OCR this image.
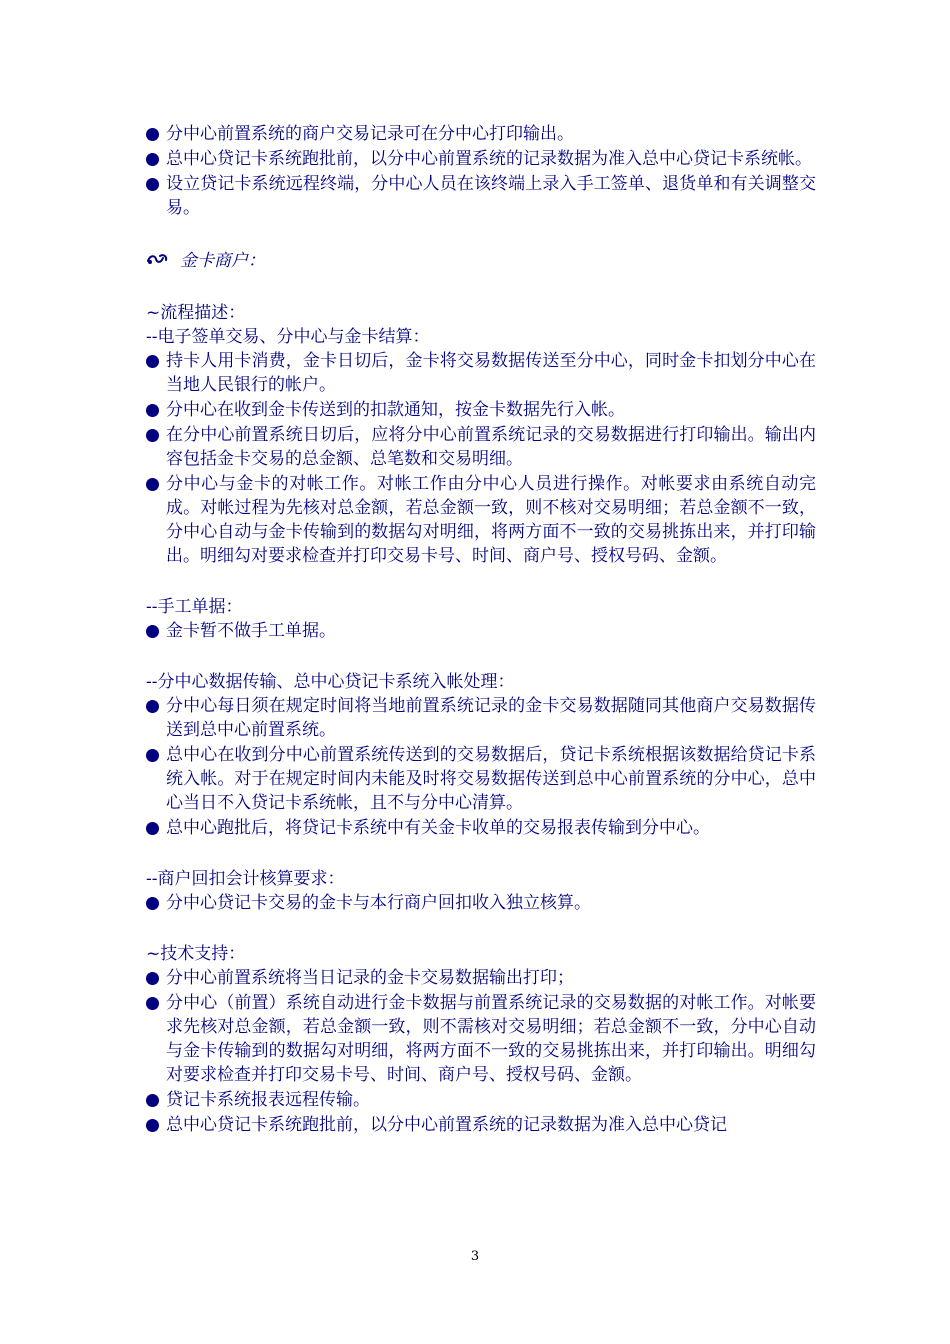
分中心前置系统的商户交易记录可在分中心打印输出。
总中心贷记卡系统跑批前，以分中心前置系统的记录数据为准入总中心贷记卡系统帐。
设立贷记卡系统远程终端，分中心人员在该终端上录入手工签单、退货单和有关调整交易。
金卡商户：
~流程描述：
--电子签单交易、分中心与金卡结算：
持卡人用卡消费，金卡日切后，金卡将交易数据传送至分中心，同时金卡扣划分中心在当地人民银行的帐户。
分中心在收到金卡传送到的扣款通知，按金卡数据先行入帐。
在分中心前置系统日切后，应将分中心前置系统记录的交易数据进行打印输出。输出内容包括金卡交易的总金额、总笔数和交易明细。
分中心与金卡的对帐工作。对帐工作由分中心人员进行操作。对帐要求由系统自动完成。对帐过程为先核对总金额，若总金额一致，则不核对交易明细；若总金额不一致，分中心自动与金卡传输到的数据勾对明细，将两方面不一致的交易挑拣出来，并打印输出。明细勾对要求检查并打印交易卡号、时间、商户号、授权号码、金额。
--手工单据：
金卡暂不做手工单据。
--分中心数据传输、总中心贷记卡系统入帐处理：
分中心每日须在规定时间将当地前置系统记录的金卡交易数据随同其他商户交易数据传送到总中心前置系统。
总中心在收到分中心前置系统传送到的交易数据后，贷记卡系统根据该数据给贷记卡系统入帐。对于在规定时间内未能及时将交易数据传送到总中心前置系统的分中心，总中心当日不入贷记卡系统帐，且不与分中心清算。
总中心跑批后，将贷记卡系统中有关金卡收单的交易报表传输到分中心。
--商户回扣会计核算要求：
分中心贷记卡交易的金卡与本行商户回扣收入独立核算。
~技术支持：
分中心前置系统将当日记录的金卡交易数据输出打印；
分中心（前置）系统自动进行金卡数据与前置系统记录的交易数据的对帐工作。对帐要求先核对总金额，若总金额一致，则不需核对交易明细；若总金额不一致，分中心自动与金卡传输到的数据勾对明细，将两方面不一致的交易挑拣出来，并打印输出。明细勾对要求检查并打印交易卡号、时间、商户号、授权号码、金额。
贷记卡系统报表远程传输。
总中心贷记卡系统跑批前，以分中心前置系统的记录数据为准入总中心贷记
3
